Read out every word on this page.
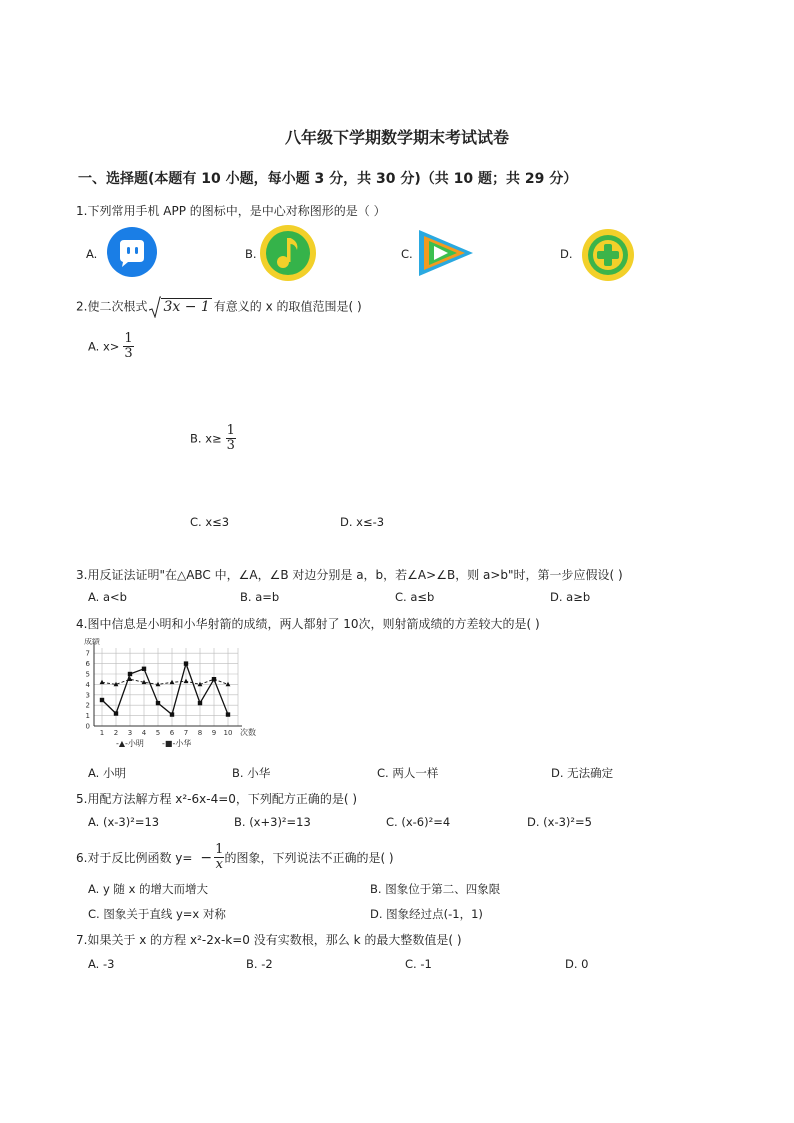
八年级下学期数学期末考试试卷
一、选择题(本题有 10 小题，每小题 3 分，共 30 分)（共 10 题；共 29 分）
1.下列常用手机 APP 的图标中，是中心对称图形的是（ ）
A.	B.	C.	D.
2.使二次根式 3x − 1 有意义的 x 的取值范围是( )
A. $x> \frac{1}{3}$
B. $x\ge \frac{1}{3}$
C. x≤3	D. x≤-3
3.用反证法证明"在△ABC 中，∠A，∠B 对边分别是 a，b，若∠A>∠B，则 a>b"时，第一步应假设( )
A. a<b	B. a=b	C. a≤b	D. a≥b
4.图中信息是小明和小华射箭的成绩，两人都射了 10次，则射箭成绩的方差较大的是( )
0
1
2
3
4
5
6
7
1 2 3 4 5 6 7 8 9 10
成绩
次数
-▲-小明 -■-小华
A. 小明	B. 小华	C. 两人一样	D. 无法确定
5.用配方法解方程 x²-6x-4=0，下列配方正确的是( )
A. (x-3)²=13	B. (x+3)²=13	C. (x-6)²=4	D. (x-3)²=5
6.对于反比例函数 $y= - \frac{1}{x}$ 的图象，下列说法不正确的是( )
A. y 随 x 的增大而增大	B. 图象位于第二、四象限
C. 图象关于直线 y=x 对称	D. 图象经过点(-1，1)
7.如果关于 x 的方程 x²-2x-k=0 没有实数根，那么 k 的最大整数值是( )
A. -3	B. -2	C. -1	D. 0
